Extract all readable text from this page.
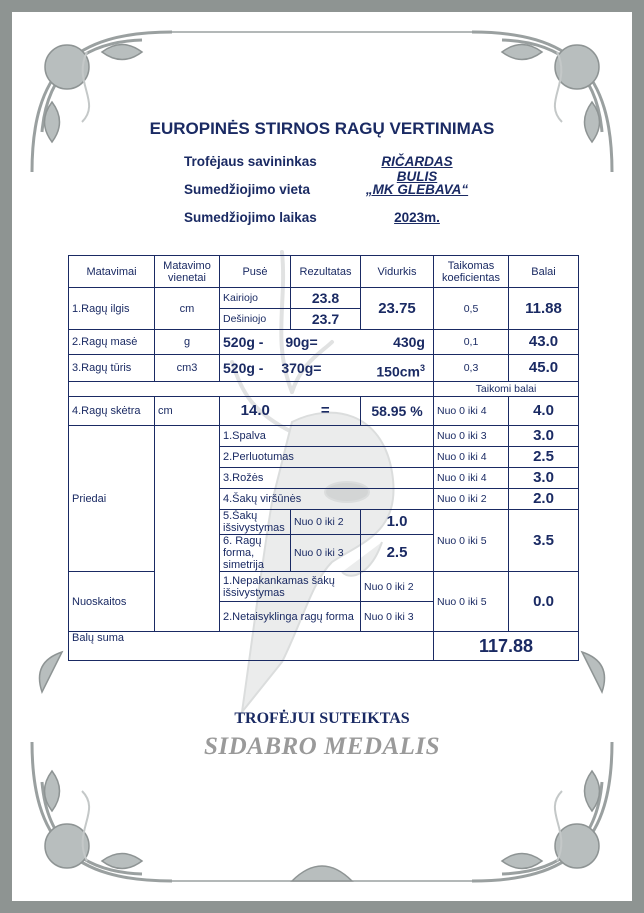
EUROPINĖS STIRNOS RAGŲ VERTINIMAS
Trofėjaus savininkas	RIČARDAS BULIS
Sumedžiojimo vieta	„MK GLEBAVA“
Sumedžiojimo laikas	2023m.
Matavimai	Matavimo vienetai	Pusė	Rezultatas	Vidurkis	Taikomas koeficientas	Balai
1.Ragų ilgis	cm	Kairiojo	23.8	23.75	0,5	11.88
		Dešiniojo	23.7			
2.Ragų masė	g	520g - 90g= 430g			0,1	43.0
3.Ragų tūris	cm3	$520g - 370g= 150cm^3$			0,3	45.0
					Taikomi balai	
4.Ragų skėtra	cm	14.0	=	58.95 %	Nuo 0 iki 4	4.0
Priedai		1.Spalva			Nuo 0 iki 3	3.0
		2.Perluotumas			Nuo 0 iki 4	2.5
		3.Rožės			Nuo 0 iki 4	3.0
		4.Šakų viršūnės			Nuo 0 iki 2	2.0
		5.Šakų išsivystymas	Nuo 0 iki 2	1.0	Nuo 0 iki 5	3.5
		6. Ragų forma, simetrija	Nuo 0 iki 3	2.5		
Nuoskaitos		1.Nepakankamas šakų išsivystymas		Nuo 0 iki 2	Nuo 0 iki 5	0.0
		2.Netaisyklinga ragų forma		Nuo 0 iki 3		
Balų suma					117.88	
TROFĖJUI SUTEIKTAS
SIDABRO MEDALIS
